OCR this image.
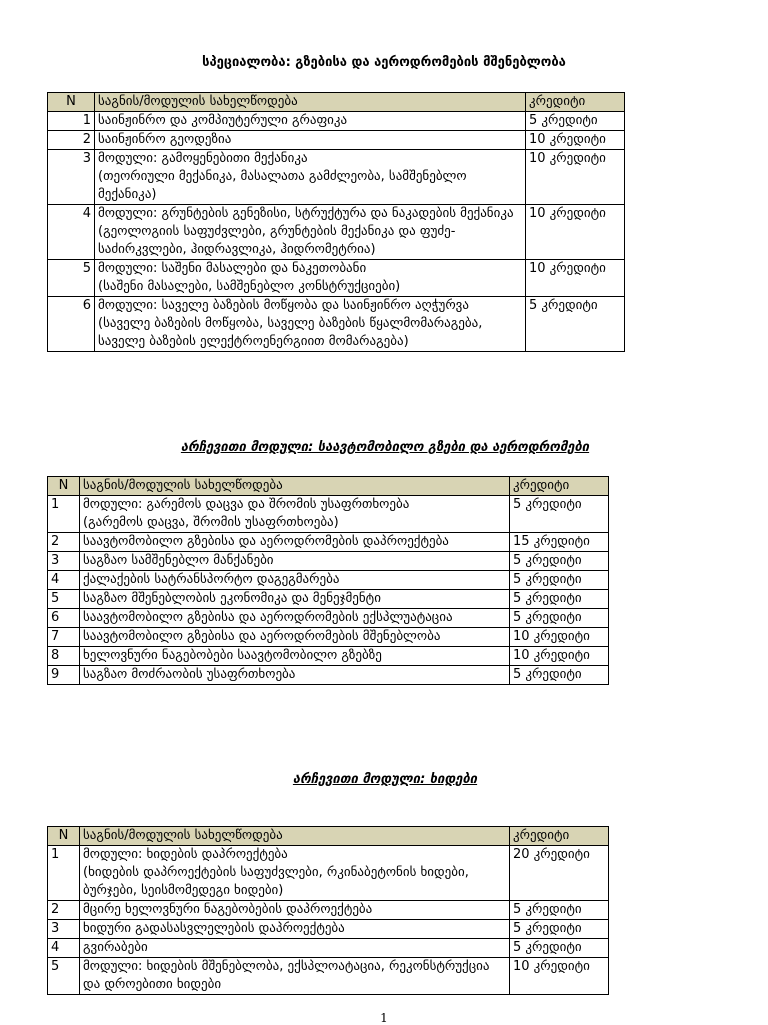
სპეციალობა: გზებისა და აეროდრომების მშენებლობა
N	საგნის/მოდულის სახელწოდება	კრედიტი
1	საინჟინრო და კომპიუტერული გრაფიკა	5 კრედიტი
2	საინჟინრო გეოდეზია	10 კრედიტი
3	მოდული: გამოყენებითი მექანიკა
(თეორიული მექანიკა, მასალათა გამძლეობა, სამშენებლო მექანიკა)	10 კრედიტი
4	მოდული: გრუნტების გენეზისი, სტრუქტურა და ნაკადების მექანიკა
(გეოლოგიის საფუძვლები, გრუნტების მექანიკა და ფუძე-საძირკვლები, ჰიდრავლიკა, ჰიდრომეტრია)	10 კრედიტი
5	მოდული: საშენი მასალები და ნაკეთობანი
(საშენი მასალები, სამშენებლო კონსტრუქციები)	10 კრედიტი
6	მოდული: საველე ბაზების მოწყობა და საინჟინრო აღჭურვა
(საველე ბაზების მოწყობა, საველე ბაზების წყალმომარაგება, საველე ბაზების ელექტროენერგიით მომარაგება)	5 კრედიტი
არჩევითი მოდული: საავტომობილო გზები და აეროდრომები
N	საგნის/მოდულის სახელწოდება	კრედიტი
1	მოდული: გარემოს დაცვა და შრომის უსაფრთხოება
(გარემოს დაცვა, შრომის უსაფრთხოება)	5 კრედიტი
2	საავტომობილო გზებისა და აეროდრომების დაპროექტება	15 კრედიტი
3	საგზაო სამშენებლო მანქანები	5 კრედიტი
4	ქალაქების სატრანსპორტო დაგეგმარება	5 კრედიტი
5	საგზაო მშენებლობის ეკონომიკა და მენეჯმენტი	5 კრედიტი
6	საავტომობილო გზებისა და აეროდრომების ექსპლუატაცია	5 კრედიტი
7	საავტომობილო გზებისა და აეროდრომების მშენებლობა	10 კრედიტი
8	ხელოვნური ნაგებობები საავტომობილო გზებზე	10 კრედიტი
9	საგზაო მოძრაობის უსაფრთხოება	5 კრედიტი
არჩევითი მოდული: ხიდები
N	საგნის/მოდულის სახელწოდება	კრედიტი
1	მოდული: ხიდების დაპროექტება
(ხიდების დაპროექტების საფუძვლები, რკინაბეტონის ხიდები, ბურჯები, სეისმომედეგი ხიდები)	20 კრედიტი
2	მცირე ხელოვნური ნაგებობების დაპროექტება	5 კრედიტი
3	ხიდური გადასასვლელების დაპროექტება	5 კრედიტი
4	გვირაბები	5 კრედიტი
5	მოდული: ხიდების მშენებლობა, ექსპლოატაცია, რეკონსტრუქცია და დროებითი ხიდები	10 კრედიტი
1
